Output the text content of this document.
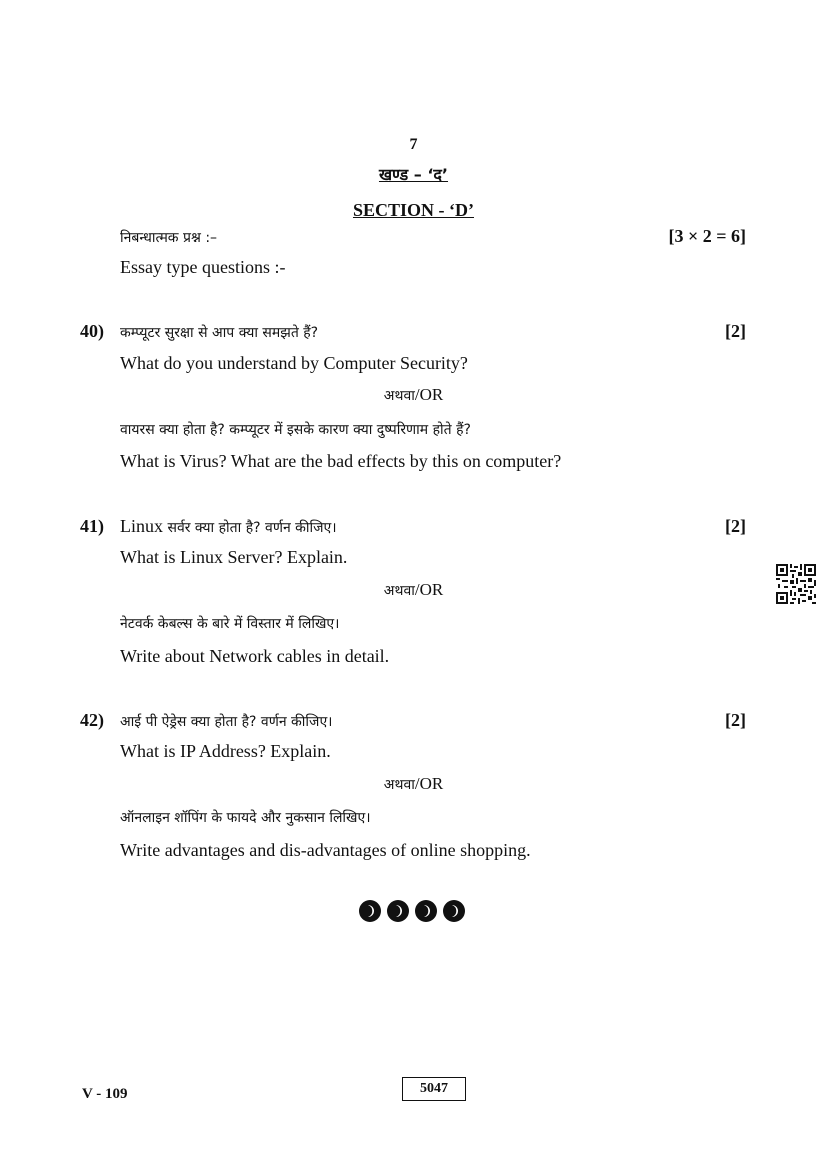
7
खण्ड – ‘द’
SECTION - ‘D’
निबन्धात्मक प्रश्न :–	[3 × 2 = 6]
Essay type questions :-
40) कम्प्यूटर सुरक्षा से आप क्या समझते हैं?	[2]
What do you understand by Computer Security?
अथवा/OR
वायरस क्या होता है? कम्प्यूटर में इसके कारण क्या दुष्परिणाम होते हैं?
What is Virus? What are the bad effects by this on computer?
41) Linux सर्वर क्या होता है? वर्णन कीजिए।	[2]
What is Linux Server? Explain.
अथवा/OR
नेटवर्क केबल्स के बारे में विस्तार में लिखिए।
Write about Network cables in detail.
42) आई पी ऐड्रेस क्या होता है? वर्णन कीजिए।	[2]
What is IP Address? Explain.
अथवा/OR
ऑनलाइन शॉपिंग के फायदे और नुकसान लिखिए।
Write advantages and dis-advantages of online shopping.
V - 109	5047
